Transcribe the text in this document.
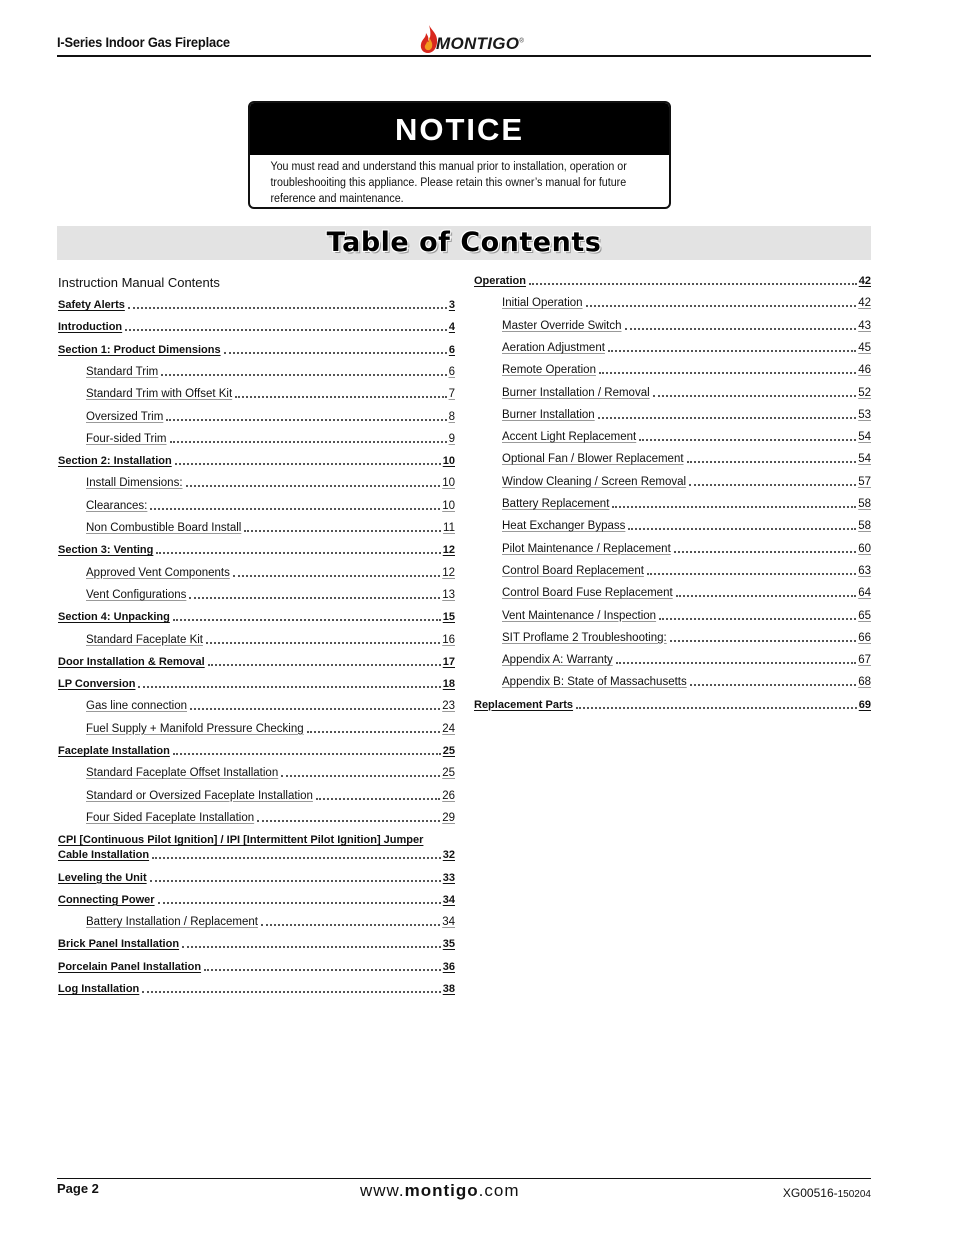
I-Series Indoor Gas Fireplace	MONTIGO®
NOTICE
You must read and understand this manual prior to installation, operation or troubleshooiting this appliance. Please retain this owner’s manual for future reference and maintenance.
Table of Contents
Instruction Manual Contents
Safety Alerts	3
Introduction	4
Section 1: Product Dimensions	6
Standard Trim	6
Standard Trim with Offset Kit	7
Oversized Trim	8
Four-sided Trim	9
Section 2: Installation	10
Install Dimensions:	10
Clearances:	10
Non Combustible Board Install	11
Section 3: Venting	12
Approved Vent Components	12
Vent Configurations	13
Section 4: Unpacking	15
Standard Faceplate Kit	16
Door Installation & Removal	17
LP Conversion	18
Gas line connection	23
Fuel Supply + Manifold Pressure Checking	24
Faceplate Installation	25
Standard Faceplate Offset Installation	25
Standard or Oversized Faceplate Installation	26
Four Sided Faceplate Installation	29
CPI [Continuous Pilot Ignition] / IPI [Intermittent Pilot Ignition] Jumper
Cable Installation	32
Leveling the Unit	33
Connecting Power	34
Battery Installation / Replacement	34
Brick Panel Installation	35
Porcelain Panel Installation	36
Log Installation	38
Operation	42
Initial Operation	42
Master Override Switch	43
Aeration Adjustment	45
Remote Operation	46
Burner Installation / Removal	52
Burner Installation	53
Accent Light Replacement	54
Optional Fan / Blower Replacement	54
Window Cleaning / Screen Removal	57
Battery Replacement	58
Heat Exchanger Bypass	58
Pilot Maintenance / Replacement	60
Control Board Replacement	63
Control Board Fuse Replacement	64
Vent Maintenance / Inspection	65
SIT Proflame 2 Troubleshooting:	66
Appendix A: Warranty	67
Appendix B: State of Massachusetts	68
Replacement Parts	69
Page 2	www.montigo.com	XG00516-150204
